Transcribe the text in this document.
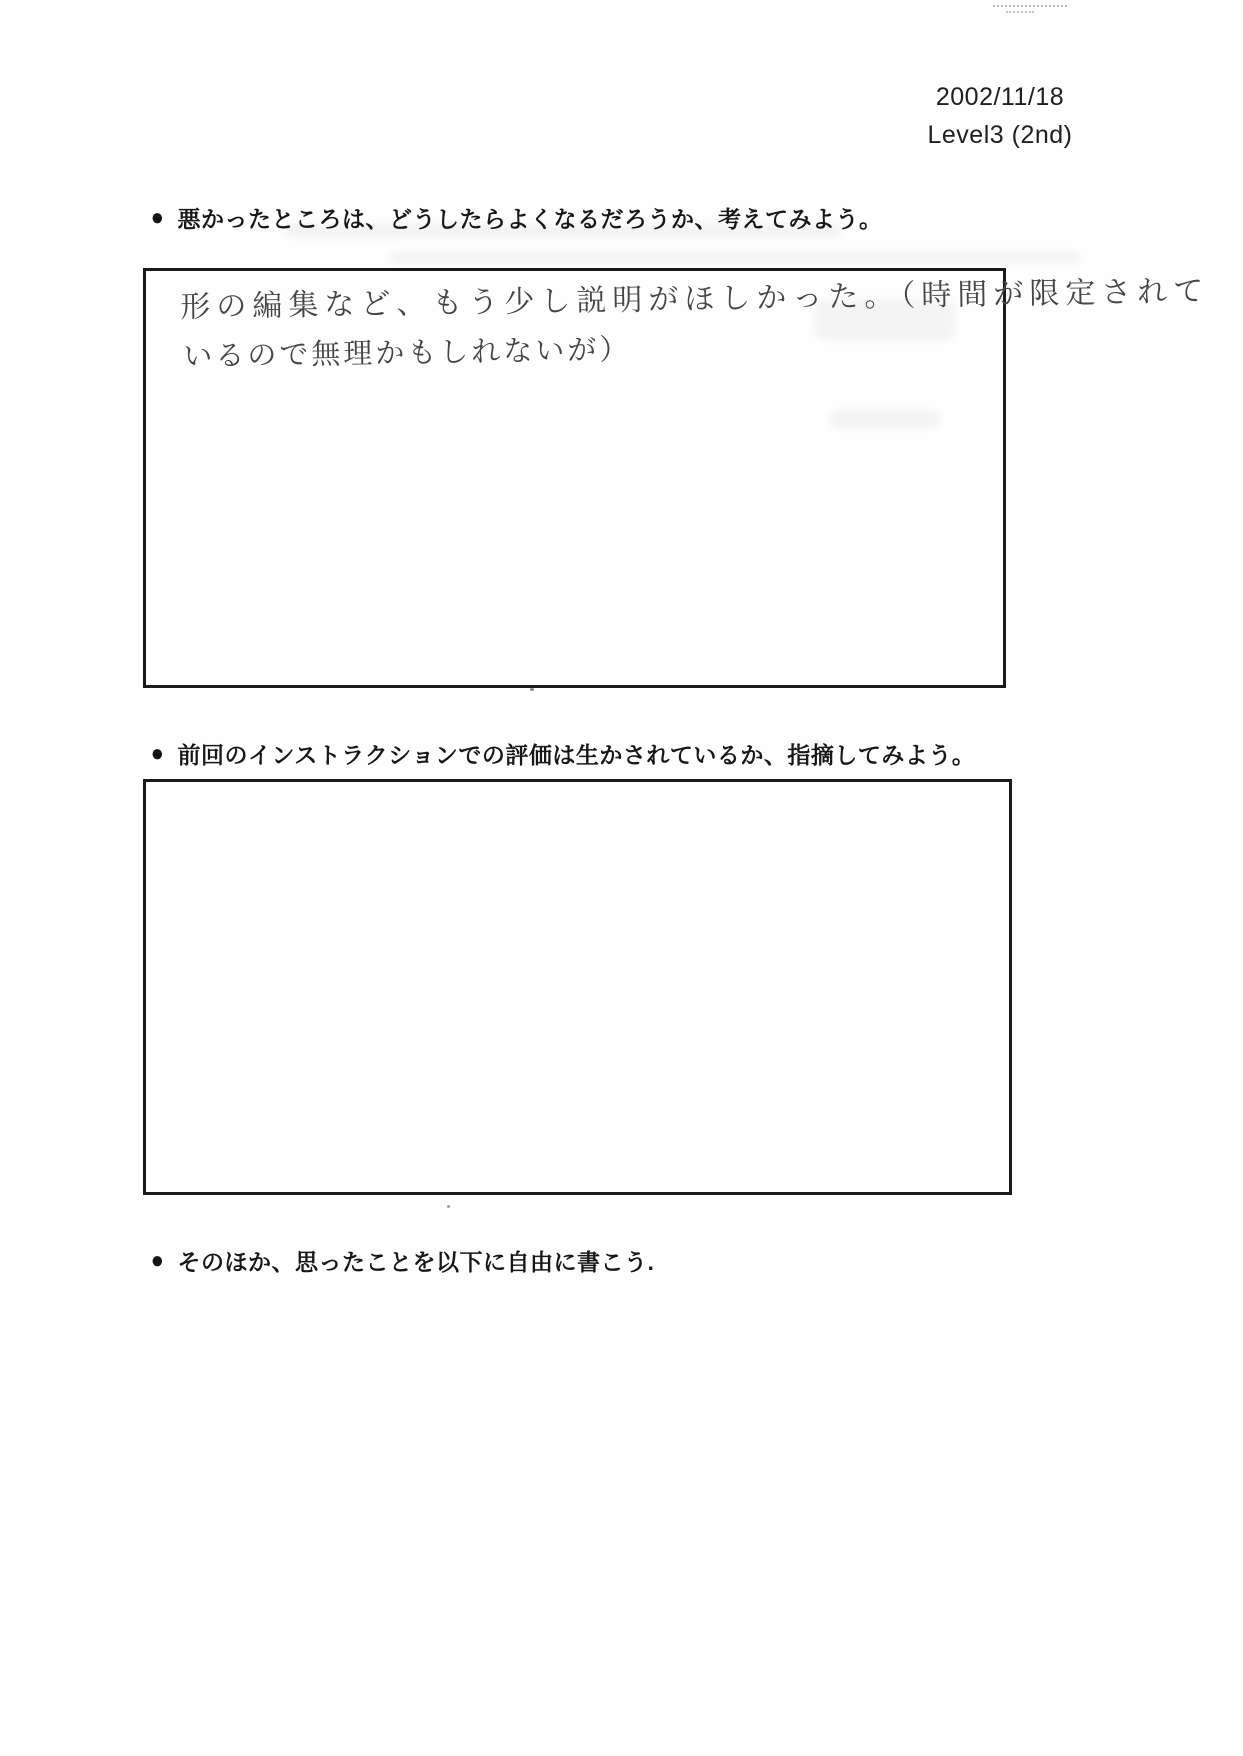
2002/11/18
Level3 (2nd)
● 悪かったところは、どうしたらよくなるだろうか、考えてみよう。
形の編集など、もう少し説明がほしかった。（時間が限定されて
いるので無理かもしれないが）
● 前回のインストラクションでの評価は生かされているか、指摘してみよう。
● そのほか、思ったことを以下に自由に書こう.
